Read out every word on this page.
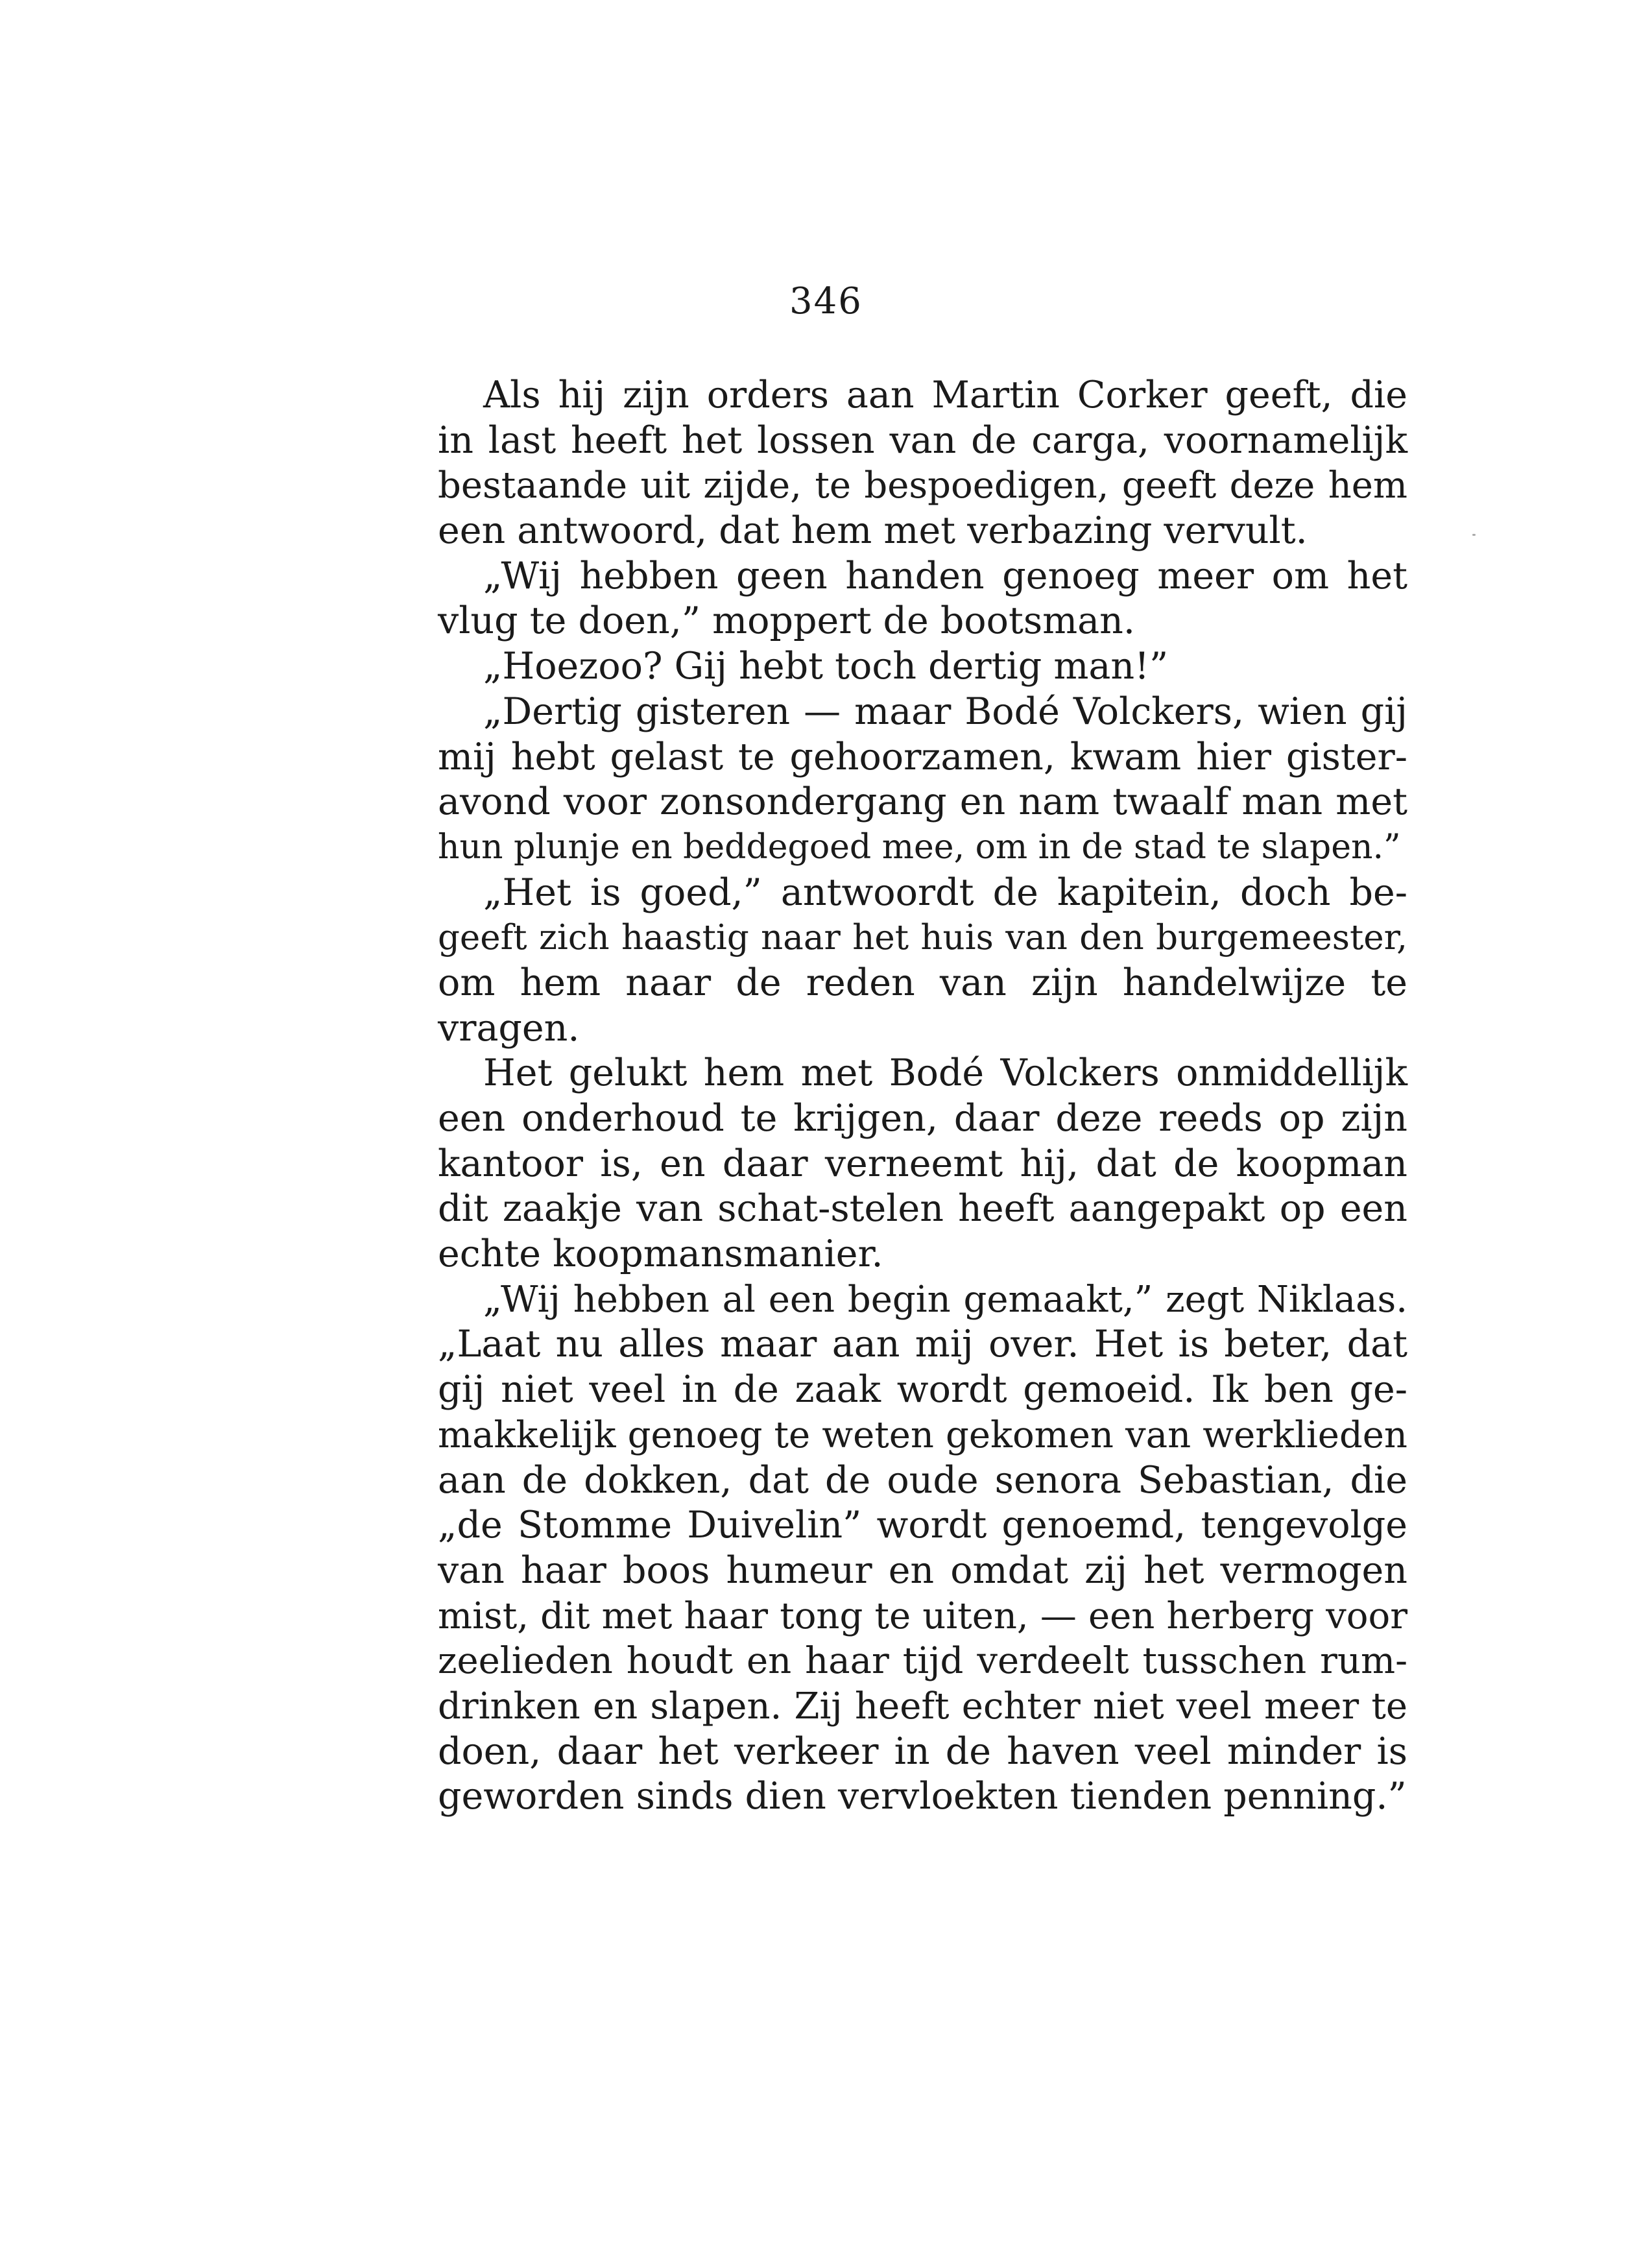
346
Als hij zijn orders aan Martin Corker geeft, die
in last heeft het lossen van de carga, voornamelijk
bestaande uit zijde, te bespoedigen, geeft deze hem
een antwoord, dat hem met verbazing vervult.
„Wij hebben geen handen genoeg meer om het
vlug te doen,” moppert de bootsman.
„Hoezoo? Gij hebt toch dertig man!”
„Dertig gisteren — maar Bodé Volckers, wien gij
mij hebt gelast te gehoorzamen, kwam hier gister-
avond voor zonsondergang en nam twaalf man met
hun plunje en beddegoed mee, om in de stad te slapen.”
„Het is goed,” antwoordt de kapitein, doch be-
geeft zich haastig naar het huis van den burgemeester,
om hem naar de reden van zijn handelwijze te
vragen.
Het gelukt hem met Bodé Volckers onmiddellijk
een onderhoud te krijgen, daar deze reeds op zijn
kantoor is, en daar verneemt hij, dat de koopman
dit zaakje van schat-stelen heeft aangepakt op een
echte koopmansmanier.
„Wij hebben al een begin gemaakt,” zegt Niklaas.
„Laat nu alles maar aan mij over. Het is beter, dat
gij niet veel in de zaak wordt gemoeid. Ik ben ge-
makkelijk genoeg te weten gekomen van werklieden
aan de dokken, dat de oude senora Sebastian, die
„de Stomme Duivelin” wordt genoemd, tengevolge
van haar boos humeur en omdat zij het vermogen
mist, dit met haar tong te uiten, — een herberg voor
zeelieden houdt en haar tijd verdeelt tusschen rum-
drinken en slapen. Zij heeft echter niet veel meer te
doen, daar het verkeer in de haven veel minder is
geworden sinds dien vervloekten tienden penning.”
